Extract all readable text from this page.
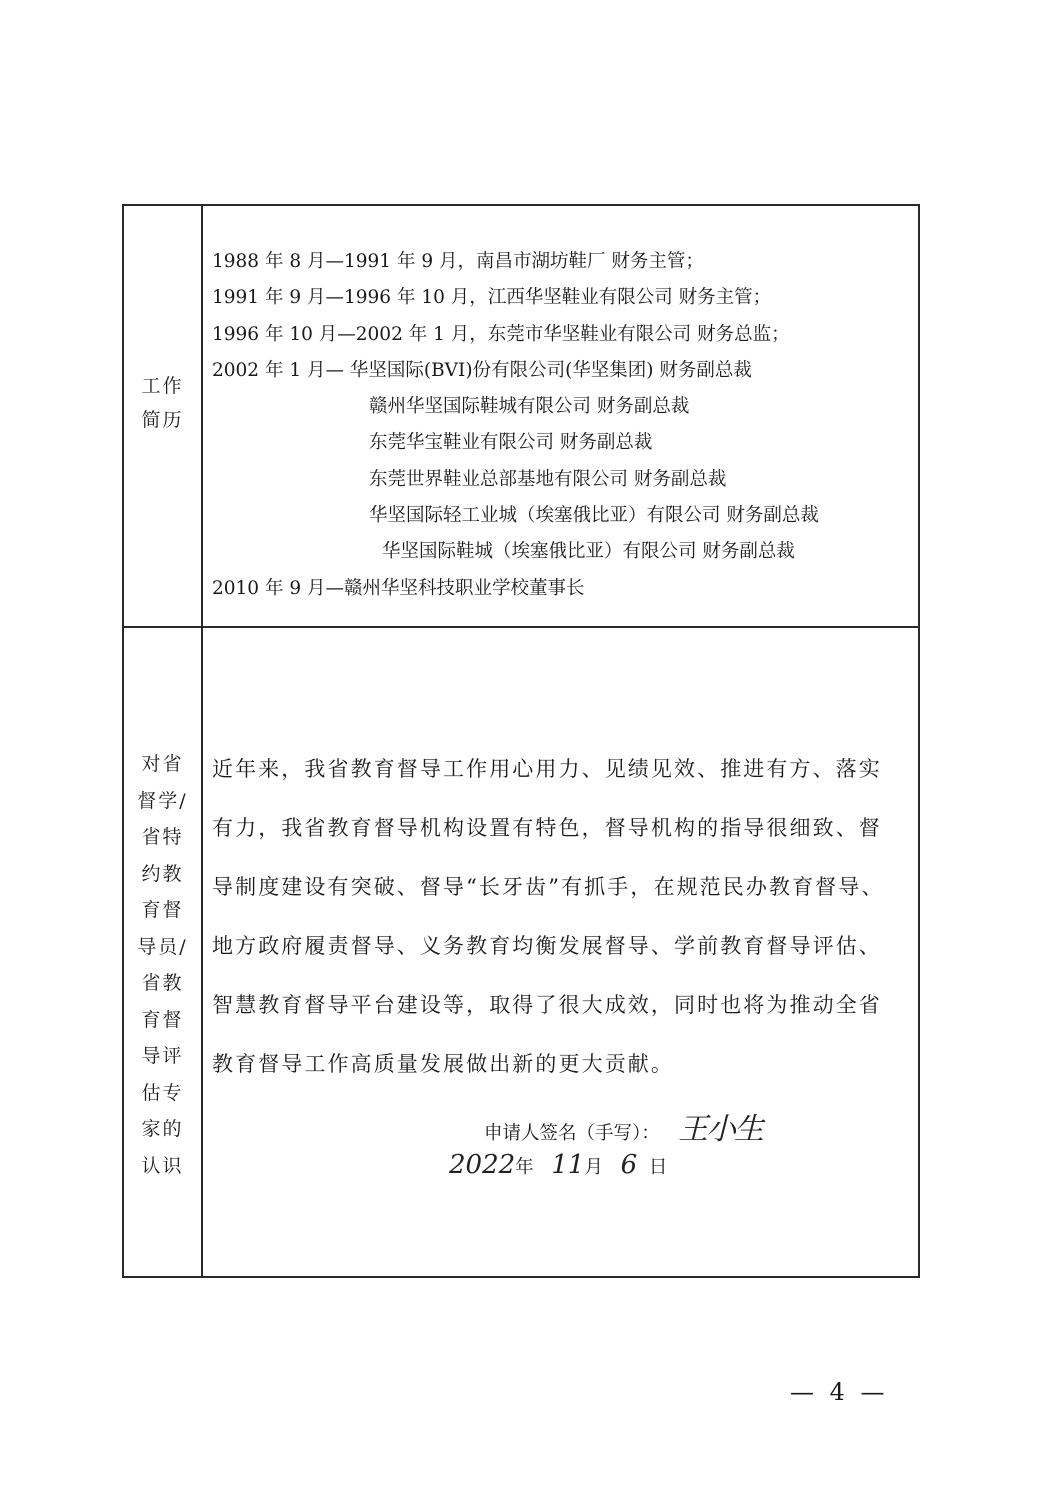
工作
简历
1988 年 8 月—1991 年 9 月，南昌市湖坊鞋厂 财务主管；
1991 年 9 月—1996 年 10 月，江西华坚鞋业有限公司 财务主管；
1996 年 10 月—2002 年 1 月，东莞市华坚鞋业有限公司 财务总监；
2002 年 1 月— 华坚国际(BVI)份有限公司(华坚集团) 财务副总裁
赣州华坚国际鞋城有限公司 财务副总裁
东莞华宝鞋业有限公司 财务副总裁
东莞世界鞋业总部基地有限公司 财务副总裁
华坚国际轻工业城（埃塞俄比亚）有限公司 财务副总裁
华坚国际鞋城（埃塞俄比亚）有限公司 财务副总裁
2010 年 9 月—赣州华坚科技职业学校董事长
对省
督学/
省特
约教
育督
导员/
省教
育督
导评
估专
家的
认识
近年来，我省教育督导工作用心用力、见绩见效、推进有方、落实
有力，我省教育督导机构设置有特色，督导机构的指导很细致、督
导制度建设有突破、督导“长牙齿”有抓手，在规范民办教育督导、
地方政府履责督导、义务教育均衡发展督导、学前教育督导评估、
智慧教育督导平台建设等，取得了很大成效，同时也将为推动全省
教育督导工作高质量发展做出新的更大贡献。
申请人签名（手写）： 王小生
2022年 11月 6 日
— 4 —
